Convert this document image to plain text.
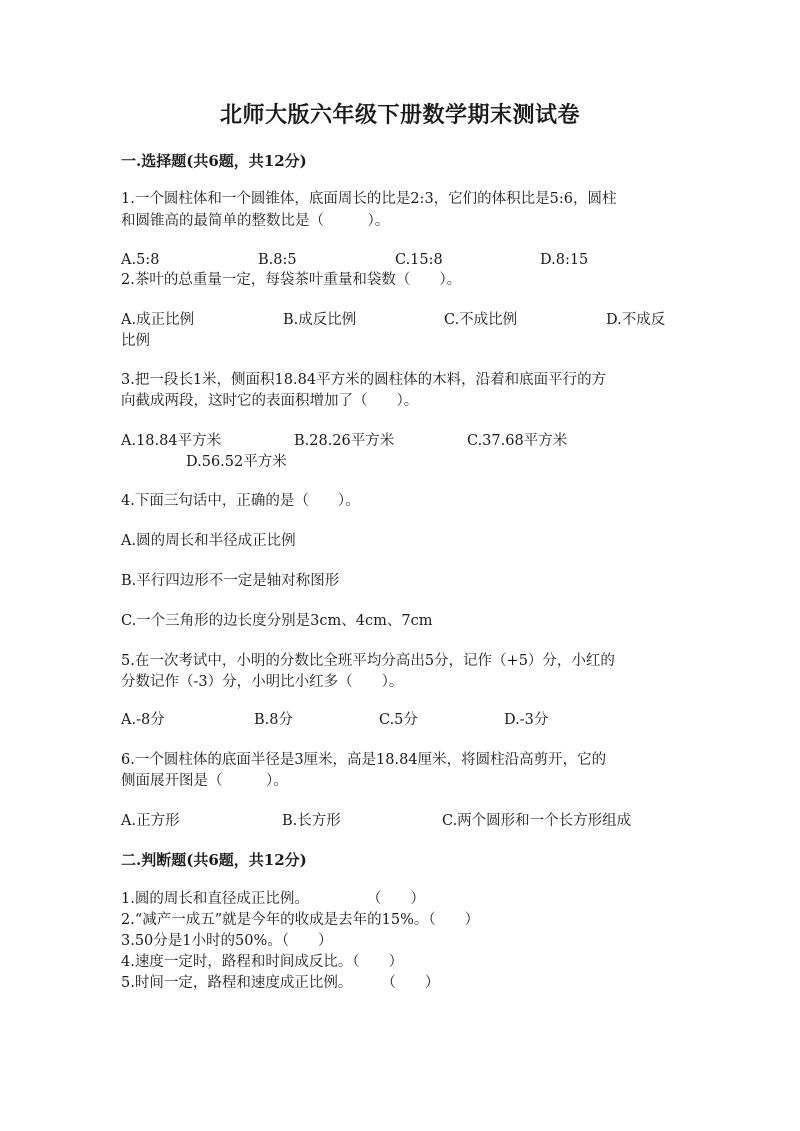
北师大版六年级下册数学期末测试卷
一.选择题(共6题，共12分)
1.一个圆柱体和一个圆锥体，底面周长的比是2:3，它们的体积比是5:6，圆柱
和圆锥高的最简单的整数比是（　　　）。
A.5:8	B.8:5	C.15:8	D.8:15
2.茶叶的总重量一定，每袋茶叶重量和袋数（　　）。
A.成正比例	B.成反比例	C.不成比例	D.不成反
比例
3.把一段长1米，侧面积18.84平方米的圆柱体的木料，沿着和底面平行的方
向截成两段，这时它的表面积增加了（　　）。
A.18.84平方米	B.28.26平方米	C.37.68平方米
D.56.52平方米
4.下面三句话中，正确的是（　　）。
A.圆的周长和半径成正比例
B.平行四边形不一定是轴对称图形
C.一个三角形的边长度分别是3cm、4cm、7cm
5.在一次考试中，小明的分数比全班平均分高出5分，记作（+5）分，小红的
分数记作（-3）分，小明比小红多（　　）。
A.-8分	B.8分	C.5分	D.-3分
6.一个圆柱体的底面半径是3厘米，高是18.84厘米，将圆柱沿高剪开，它的
侧面展开图是（　　　）。
A.正方形	B.长方形	C.两个圆形和一个长方形组成
二.判断题(共6题，共12分)
1.圆的周长和直径成正比例。　　　　　（　　）
2.“减产一成五”就是今年的收成是去年的15%。（　　）
3.50分是1小时的50%。（　　）
4.速度一定时，路程和时间成反比。（　　）
5.时间一定，路程和速度成正比例。　　　（　　）
